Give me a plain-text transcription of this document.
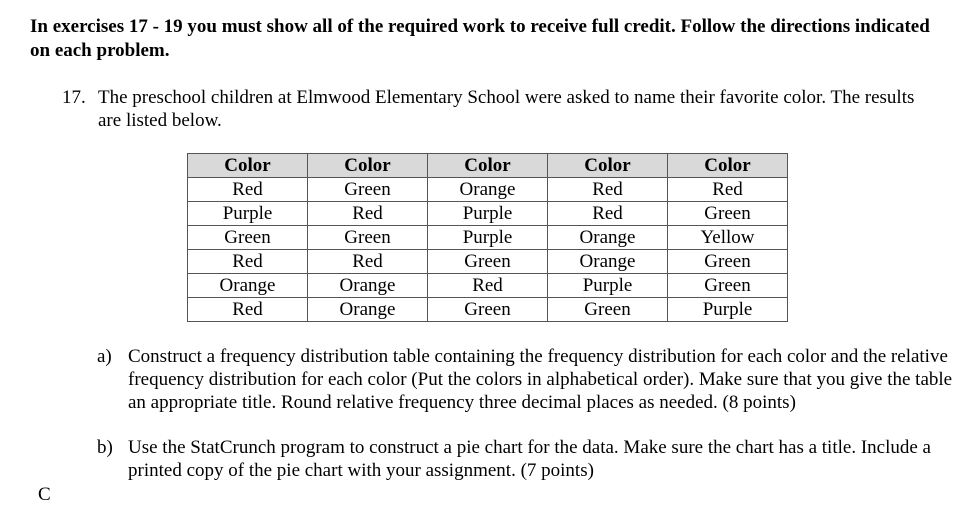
In exercises 17 - 19 you must show all of the required work to receive full credit. Follow the directions indicated on each problem.
17. The preschool children at Elmwood Elementary School were asked to name their favorite color. The results are listed below.
Color	Color	Color	Color	Color
Red	Green	Orange	Red	Red
Purple	Red	Purple	Red	Green
Green	Green	Purple	Orange	Yellow
Red	Red	Green	Orange	Green
Orange	Orange	Red	Purple	Green
Red	Orange	Green	Green	Purple
a) Construct a frequency distribution table containing the frequency distribution for each color and the relative frequency distribution for each color (Put the colors in alphabetical order). Make sure that you give the table an appropriate title. Round relative frequency three decimal places as needed. (8 points)
b) Use the StatCrunch program to construct a pie chart for the data. Make sure the chart has a title. Include a printed copy of the pie chart with your assignment. (7 points)
C
